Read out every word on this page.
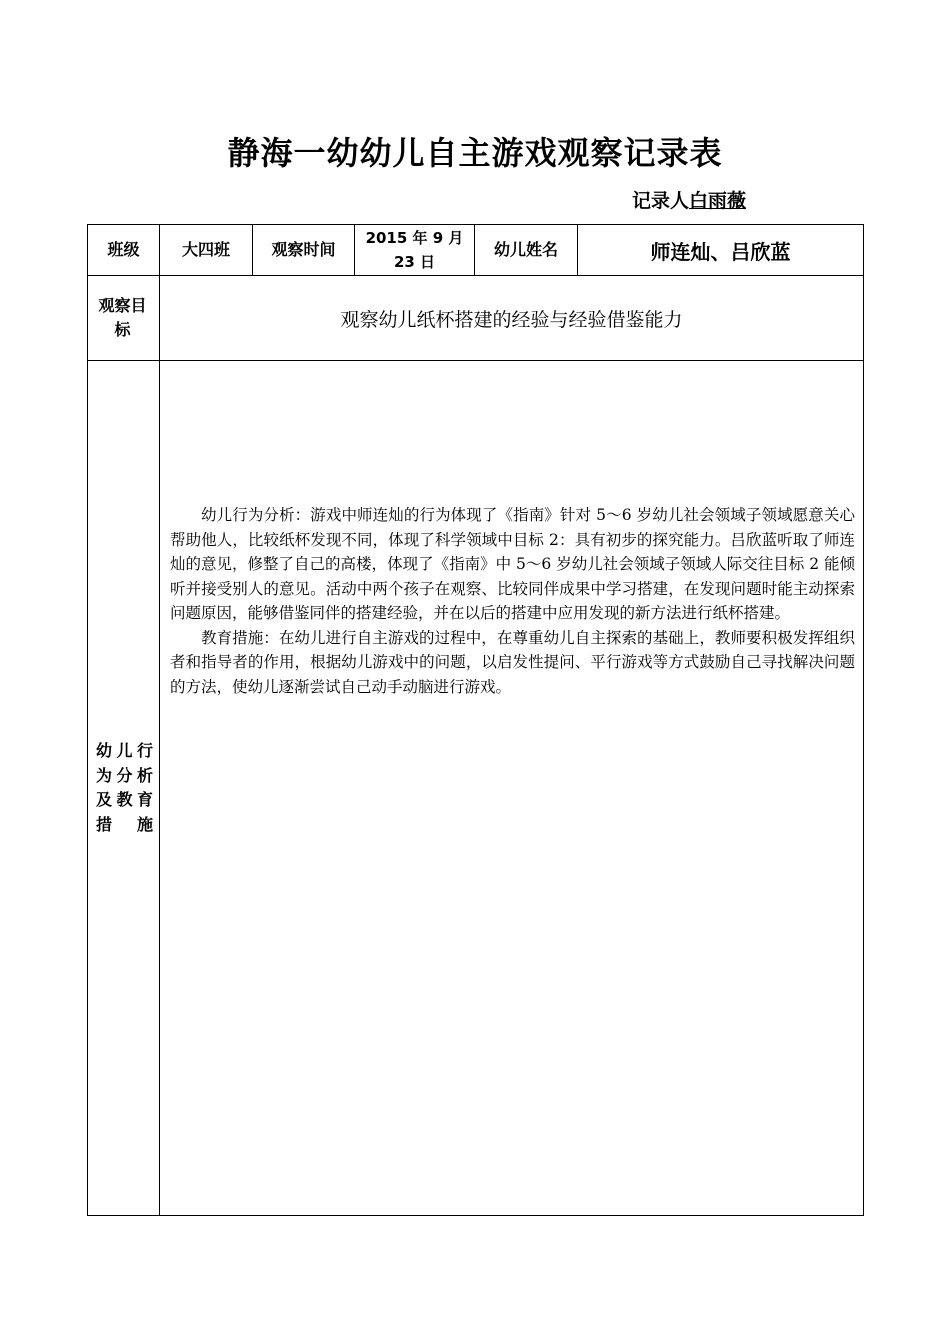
静海一幼幼儿自主游戏观察记录表
记录人白雨薇
班级	大四班	观察时间	2015 年 9 月 23 日	幼儿姓名	师连灿、吕欣蓝

观察目标	观察幼儿纸杯搭建的经验与经验借鉴能力				
幼儿行为分析及教育措施	幼儿行为分析：游戏中师连灿的行为体现了《指南》针对 5～6 岁幼儿社会领域子领域愿意关心帮助他人，比较纸杯发现不同，体现了科学领域中目标 2：具有初步的探究能力。吕欣蓝听取了师连灿的意见，修整了自己的高楼，体现了《指南》中 5～6 岁幼儿社会领域子领域人际交往目标 2 能倾听并接受别人的意见。活动中两个孩子在观察、比较同伴成果中学习搭建，在发现问题时能主动探索问题原因，能够借鉴同伴的搭建经验，并在以后的搭建中应用发现的新方法进行纸杯搭建。

教育措施：在幼儿进行自主游戏的过程中，在尊重幼儿自主探索的基础上，教师要积极发挥组织者和指导者的作用，根据幼儿游戏中的问题，以启发性提问、平行游戏等方式鼓励自己寻找解决问题的方法，使幼儿逐渐尝试自己动手动脑进行游戏。				
